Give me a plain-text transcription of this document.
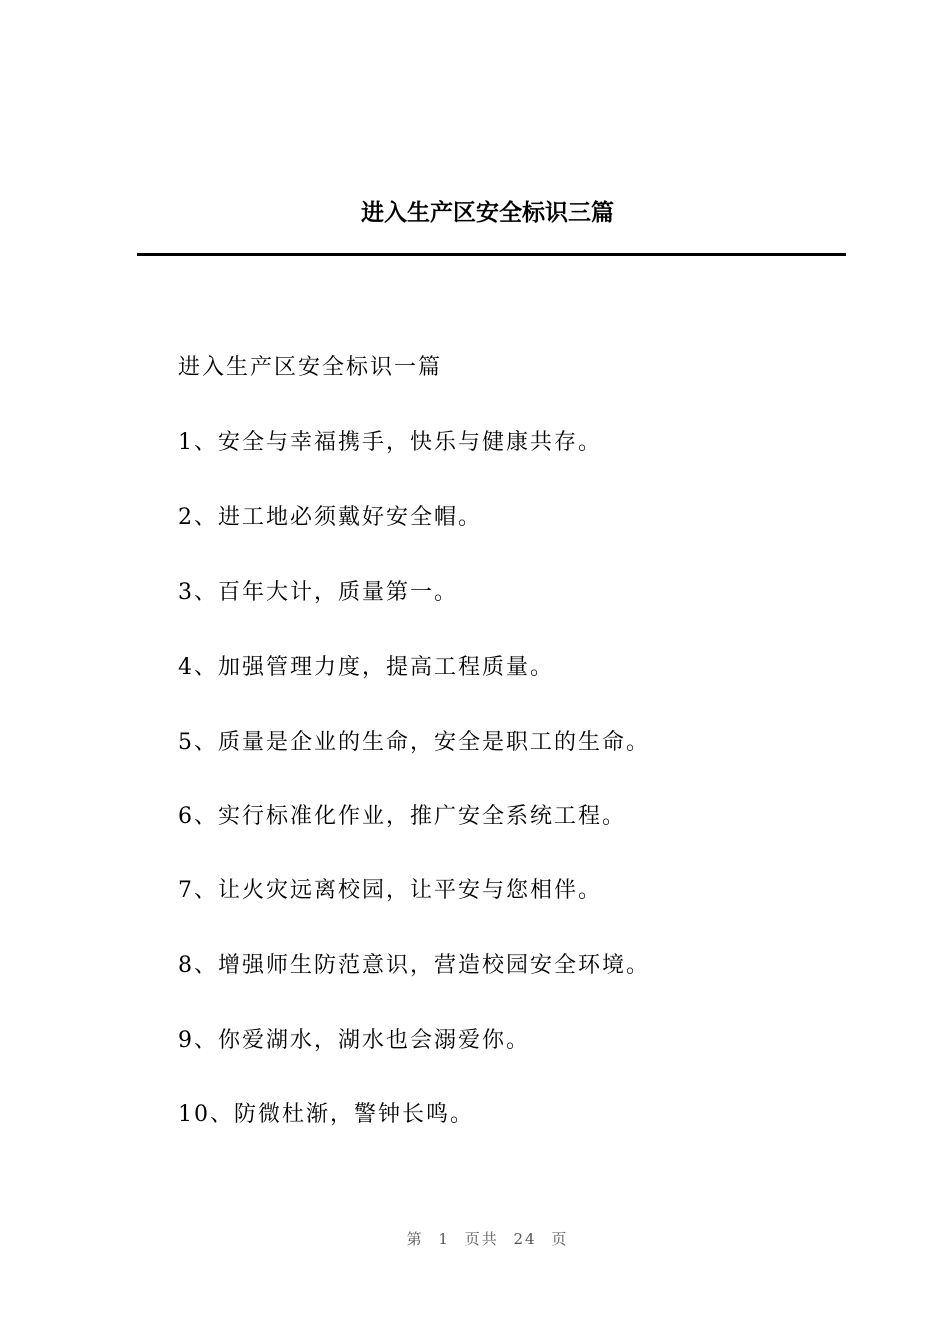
进入生产区安全标识三篇
进入生产区安全标识一篇
1、安全与幸福携手，快乐与健康共存。
2、进工地必须戴好安全帽。
3、百年大计，质量第一。
4、加强管理力度，提高工程质量。
5、质量是企业的生命，安全是职工的生命。
6、实行标准化作业，推广安全系统工程。
7、让火灾远离校园，让平安与您相伴。
8、增强师生防范意识，营造校园安全环境。
9、你爱湖水，湖水也会溺爱你。
10、防微杜渐，警钟长鸣。
第 1 页共 24 页
